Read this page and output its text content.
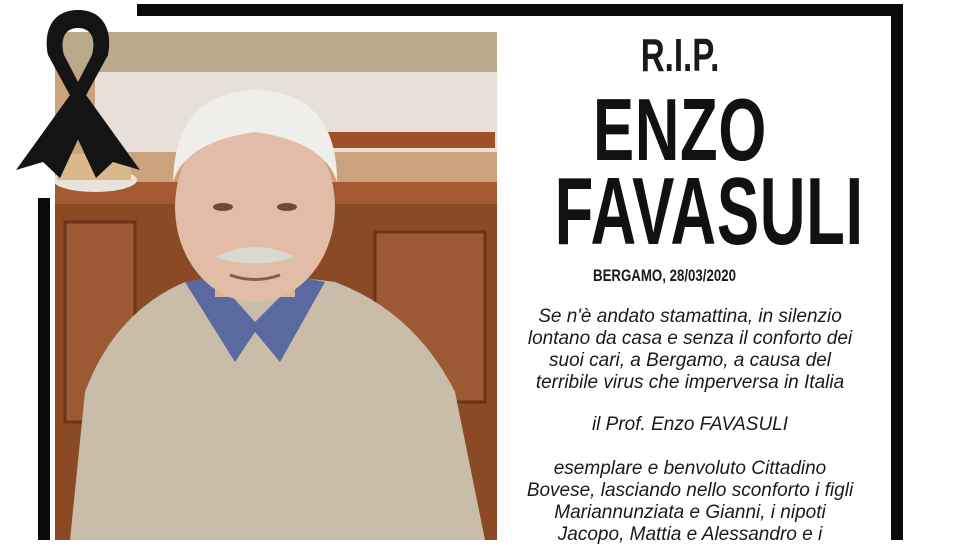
R.I.P.
ENZO
FAVASULI
BERGAMO, 28/03/2020
Se n'è andato stamattina, in silenzio
lontano da casa e senza il conforto dei
suoi cari, a Bergamo, a causa del
terribile virus che imperversa in Italia
il Prof. Enzo FAVASULI
esemplare e benvoluto Cittadino
Bovese, lasciando nello sconforto i figli
Mariannunziata e Gianni, i nipoti
Jacopo, Mattia e Alessandro e i
